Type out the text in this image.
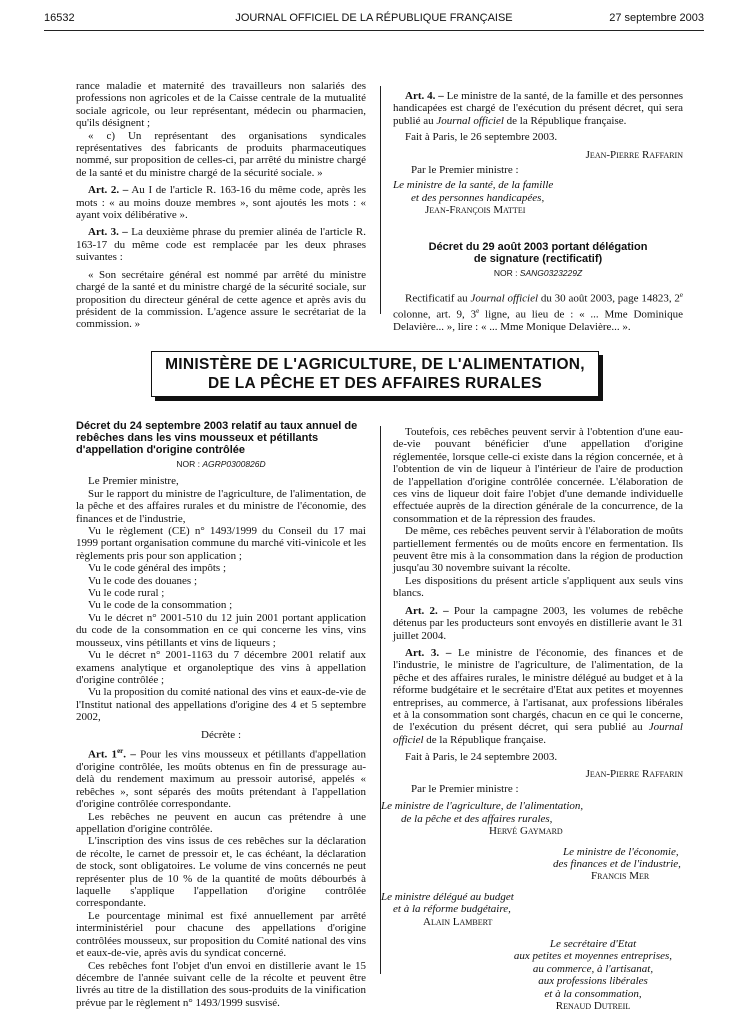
16532	JOURNAL OFFICIEL DE LA RÉPUBLIQUE FRANÇAISE	27 septembre 2003

rance maladie et maternité des travailleurs non salariés des professions non agricoles et de la Caisse centrale de la mutualité sociale agricole, ou leur représentant, médecin ou pharmacien, qu'ils désignent ;

« c) Un représentant des organisations syndicales représentatives des fabricants de produits pharmaceutiques nommé, sur proposition de celles-ci, par arrêté du ministre chargé de la santé et du ministre chargé de la sécurité sociale. »

Art. 2. – Au I de l'article R. 163-16 du même code, après les mots : « au moins douze membres », sont ajoutés les mots : « ayant voix délibérative ».

Art. 3. – La deuxième phrase du premier alinéa de l'article R. 163-17 du même code est remplacée par les deux phrases suivantes :

« Son secrétaire général est nommé par arrêté du ministre chargé de la santé et du ministre chargé de la sécurité sociale, sur proposition du directeur général de cette agence et après avis du président de la commission. L'agence assure le secrétariat de la commission. »

Art. 4. – Le ministre de la santé, de la famille et des personnes handicapées est chargé de l'exécution du présent décret, qui sera publié au Journal officiel de la République française.

Fait à Paris, le 26 septembre 2003.

Jean-Pierre Raffarin

Par le Premier ministre :

Le ministre de la santé, de la famille

et des personnes handicapées,

Jean-François Mattei

Décret du 29 août 2003 portant délégation
de signature (rectificatif)
NOR : SANG0323229Z

Rectificatif au Journal officiel du 30 août 2003, page 14823, 2e colonne, art. 9, 3e ligne, au lieu de : « ... Mme Dominique Delavière... », lire : « ... Mme Monique Delavière... ».

MINISTÈRE DE L'AGRICULTURE, DE L'ALIMENTATION,
DE LA PÊCHE ET DES AFFAIRES RURALES
Décret du 24 septembre 2003 relatif au taux annuel de rebêches dans les vins mousseux et pétillants d'appellation d'origine contrôlée
NOR : AGRP0300826D

Le Premier ministre,

Sur le rapport du ministre de l'agriculture, de l'alimentation, de la pêche et des affaires rurales et du ministre de l'économie, des finances et de l'industrie,

Vu le règlement (CE) n° 1493/1999 du Conseil du 17 mai 1999 portant organisation commune du marché viti-vinicole et les règlements pris pour son application ;

Vu le code général des impôts ;

Vu le code des douanes ;

Vu le code rural ;

Vu le code de la consommation ;

Vu le décret n° 2001-510 du 12 juin 2001 portant application du code de la consommation en ce qui concerne les vins, vins mousseux, vins pétillants et vins de liqueurs ;

Vu le décret n° 2001-1163 du 7 décembre 2001 relatif aux examens analytique et organoleptique des vins à appellation d'origine contrôlée ;

Vu la proposition du comité national des vins et eaux-de-vie de l'Institut national des appellations d'origine des 4 et 5 septembre 2002,

Décrète :

Art. 1er. – Pour les vins mousseux et pétillants d'appellation d'origine contrôlée, les moûts obtenus en fin de pressurage au-delà du rendement maximum au pressoir autorisé, appelés « rebêches », sont séparés des moûts prétendant à l'appellation d'origine contrôlée correspondante.

Les rebêches ne peuvent en aucun cas prétendre à une appellation d'origine contrôlée.

L'inscription des vins issus de ces rebêches sur la déclaration de récolte, le carnet de pressoir et, le cas échéant, la déclaration de stock, sont obligatoires. Le volume de vins concernés ne peut représenter plus de 10 % de la quantité de moûts débourbés à laquelle s'applique l'appellation d'origine contrôlée correspondante.

Le pourcentage minimal est fixé annuellement par arrêté interministériel pour chacune des appellations d'origine contrôlées mousseux, sur proposition du Comité national des vins et eaux-de-vie, après avis du syndicat concerné.

Ces rebêches font l'objet d'un envoi en distillerie avant le 15 décembre de l'année suivant celle de la récolte et peuvent être livrés au titre de la distillation des sous-produits de la vinification prévue par le règlement n° 1493/1999 susvisé.

Toutefois, ces rebêches peuvent servir à l'obtention d'une eau-de-vie pouvant bénéficier d'une appellation d'origine réglementée, lorsque celle-ci existe dans la région concernée, et à l'obtention de vin de liqueur à l'intérieur de l'aire de production de l'appellation d'origine contrôlée concernée. L'élaboration de ces vins de liqueur doit faire l'objet d'une demande individuelle effectuée auprès de la direction générale de la concurrence, de la consommation et de la répression des fraudes.

De même, ces rebêches peuvent servir à l'élaboration de moûts partiellement fermentés ou de moûts encore en fermentation. Ils peuvent être mis à la consommation dans la région de production jusqu'au 30 novembre suivant la récolte.

Les dispositions du présent article s'appliquent aux seuls vins blancs.

Art. 2. – Pour la campagne 2003, les volumes de rebêche détenus par les producteurs sont envoyés en distillerie avant le 31 juillet 2004.

Art. 3. – Le ministre de l'économie, des finances et de l'industrie, le ministre de l'agriculture, de l'alimentation, de la pêche et des affaires rurales, le ministre délégué au budget et à la réforme budgétaire et le secrétaire d'Etat aux petites et moyennes entreprises, au commerce, à l'artisanat, aux professions libérales et à la consommation sont chargés, chacun en ce qui le concerne, de l'exécution du présent décret, qui sera publié au Journal officiel de la République française.

Fait à Paris, le 24 septembre 2003.

Jean-Pierre Raffarin

Par le Premier ministre :

Le ministre de l'agriculture, de l'alimentation,

de la pêche et des affaires rurales,

Hervé Gaymard

Le ministre de l'économie,

des finances et de l'industrie,

Francis Mer

Le ministre délégué au budget

et à la réforme budgétaire,

Alain Lambert

Le secrétaire d'Etat

aux petites et moyennes entreprises,

au commerce, à l'artisanat,

aux professions libérales

et à la consommation,

Renaud Dutreil
